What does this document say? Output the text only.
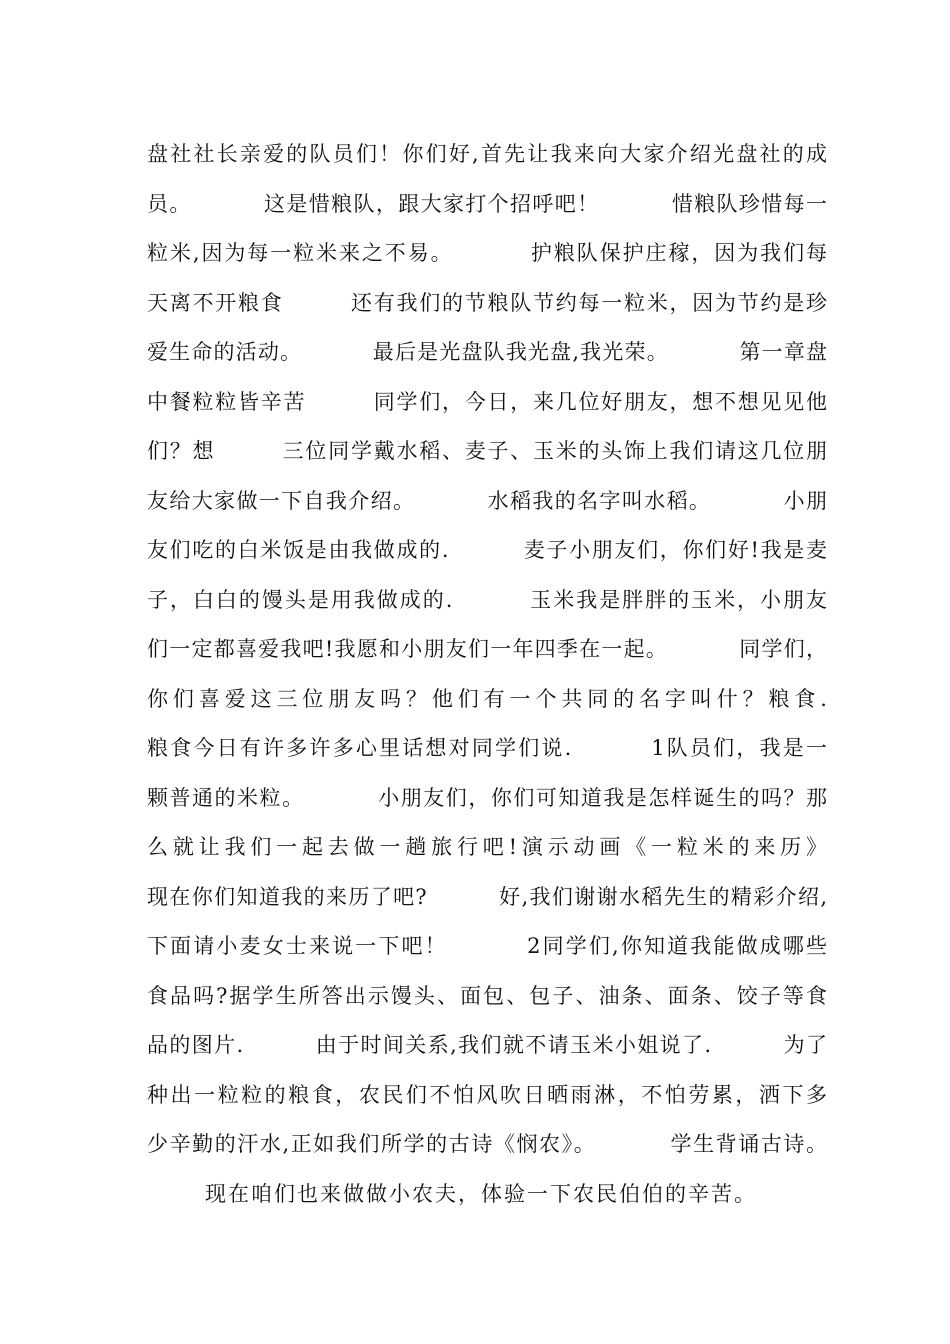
盘社社长亲爱的队员们！你们好,首先让我来向大家介绍光盘社的成
员。         这是惜粮队，跟大家打个招呼吧！         惜粮队珍惜每一
粒米,因为每一粒米来之不易。         护粮队保护庄稼，因为我们每
天离不开粮食        还有我们的节粮队节约每一粒米，因为节约是珍
爱生命的活动。         最后是光盘队我光盘,我光荣。         第一章盘
中餐粒粒皆辛苦        同学们，今日，来几位好朋友，想不想见见他
们？想        三位同学戴水稻、麦子、玉米的头饰上我们请这几位朋
友给大家做一下自我介绍。         水稻我的名字叫水稻。         小朋
友们吃的白米饭是由我做成的.         麦子小朋友们，你们好!我是麦
子，白白的馒头是用我做成的.         玉米我是胖胖的玉米，小朋友
们一定都喜爱我吧!我愿和小朋友们一年四季在一起。         同学们，
你们喜爱这三位朋友吗？他们有一个共同的名字叫什？粮食.
粮食今日有许多许多心里话想对同学们说.         1队员们，我是一
颗普通的米粒。         小朋友们，你们可知道我是怎样诞生的吗？那
么就让我们一起去做一趟旅行吧!演示动画《一粒米的来历》
现在你们知道我的来历了吧?         好,我们谢谢水稻先生的精彩介绍,
下面请小麦女士来说一下吧！         2同学们,你知道我能做成哪些
食品吗?据学生所答出示馒头、面包、包子、油条、面条、饺子等食
品的图片.         由于时间关系,我们就不请玉米小姐说了.         为了
种出一粒粒的粮食，农民们不怕风吹日晒雨淋，不怕劳累，洒下多
少辛勤的汗水,正如我们所学的古诗《悯农》。         学生背诵古诗。
现在咱们也来做做小农夫，体验一下农民伯伯的辛苦。
